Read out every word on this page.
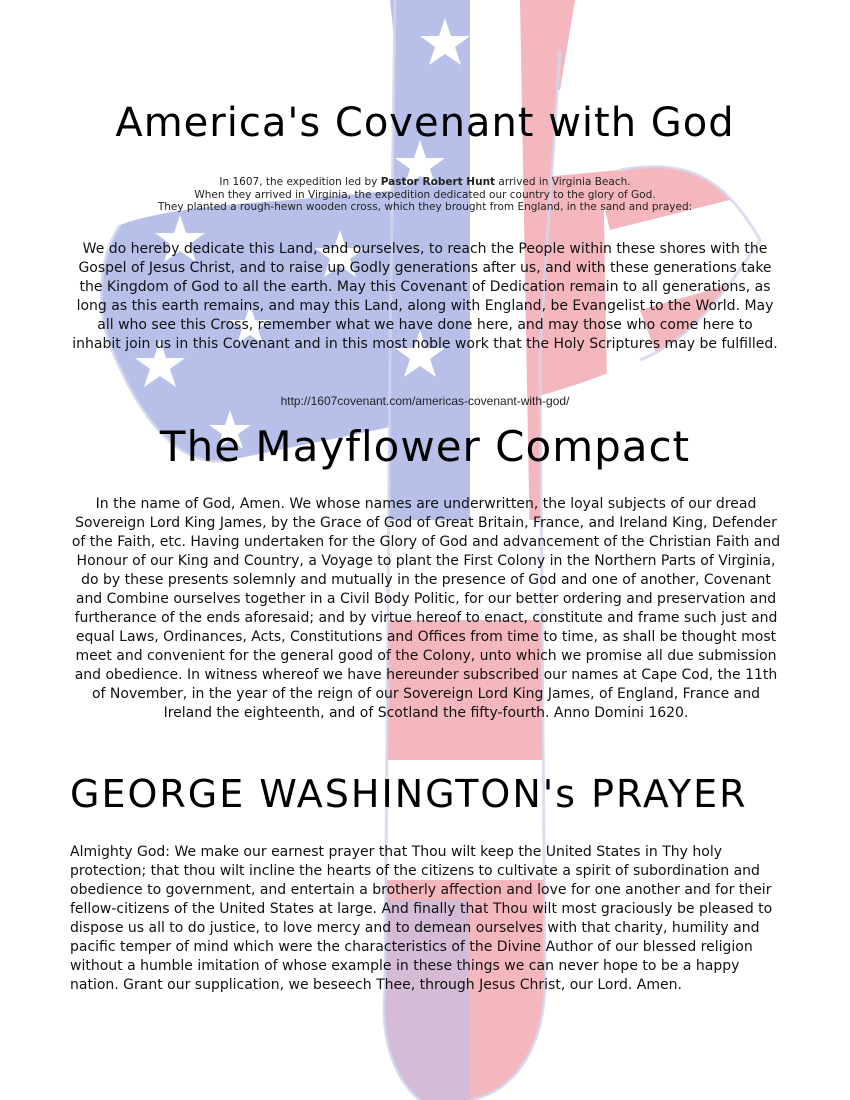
America's Covenant with God
In 1607, the expedition led by Pastor Robert Hunt arrived in Virginia Beach.
When they arrived in Virginia, the expedition dedicated our country to the glory of God.
They planted a rough-hewn wooden cross, which they brought from England, in the sand and prayed:

We do hereby dedicate this Land, and ourselves, to reach the People within these shores with the Gospel of Jesus Christ, and to raise up Godly generations after us, and with these generations take the Kingdom of God to all the earth. May this Covenant of Dedication remain to all generations, as long as this earth remains, and may this Land, along with England, be Evangelist to the World. May all who see this Cross, remember what we have done here, and may those who come here to inhabit join us in this Covenant and in this most noble work that the Holy Scriptures may be fulfilled.

http://1607covenant.com/americas-covenant-with-god/
The Mayflower Compact

In the name of God, Amen. We whose names are underwritten, the loyal subjects of our dread Sovereign Lord King James, by the Grace of God of Great Britain, France, and Ireland King, Defender of the Faith, etc. Having undertaken for the Glory of God and advancement of the Christian Faith and Honour of our King and Country, a Voyage to plant the First Colony in the Northern Parts of Virginia, do by these presents solemnly and mutually in the presence of God and one of another, Covenant and Combine ourselves together in a Civil Body Politic, for our better ordering and preservation and furtherance of the ends aforesaid; and by virtue hereof to enact, constitute and frame such just and equal Laws, Ordinances, Acts, Constitutions and Offices from time to time, as shall be thought most meet and convenient for the general good of the Colony, unto which we promise all due submission and obedience. In witness whereof we have hereunder subscribed our names at Cape Cod, the 11th of November, in the year of the reign of our Sovereign Lord King James, of England, France and Ireland the eighteenth, and of Scotland the fifty-fourth. Anno Domini 1620.

GEORGE WASHINGTON's PRAYER

Almighty God: We make our earnest prayer that Thou wilt keep the United States in Thy holy protection; that thou wilt incline the hearts of the citizens to cultivate a spirit of subordination and obedience to government, and entertain a brotherly affection and love for one another and for their fellow-citizens of the United States at large. And finally that Thou wilt most graciously be pleased to dispose us all to do justice, to love mercy and to demean ourselves with that charity, humility and pacific temper of mind which were the characteristics of the Divine Author of our blessed religion without a humble imitation of whose example in these things we can never hope to be a happy nation. Grant our supplication, we beseech Thee, through Jesus Christ, our Lord. Amen.
